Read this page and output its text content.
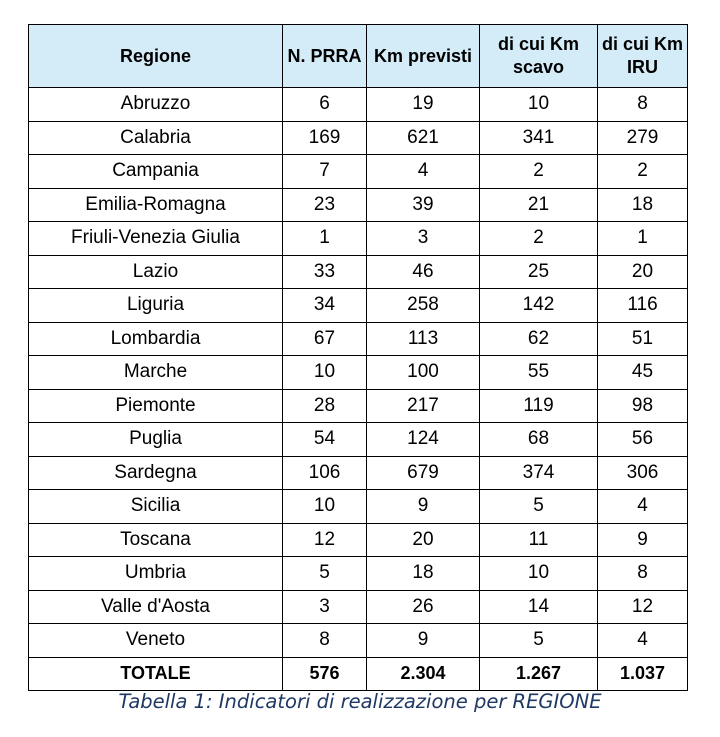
Regione	N. PRRA	Km previsti	di cui Km scavo	di cui Km IRU
Abruzzo	6	19	10	8
Calabria	169	621	341	279
Campania	7	4	2	2
Emilia-Romagna	23	39	21	18
Friuli-Venezia Giulia	1	3	2	1
Lazio	33	46	25	20
Liguria	34	258	142	116
Lombardia	67	113	62	51
Marche	10	100	55	45
Piemonte	28	217	119	98
Puglia	54	124	68	56
Sardegna	106	679	374	306
Sicilia	10	9	5	4
Toscana	12	20	11	9
Umbria	5	18	10	8
Valle d'Aosta	3	26	14	12
Veneto	8	9	5	4
TOTALE	576	2.304	1.267	1.037
Tabella 1: Indicatori di realizzazione per REGIONE
